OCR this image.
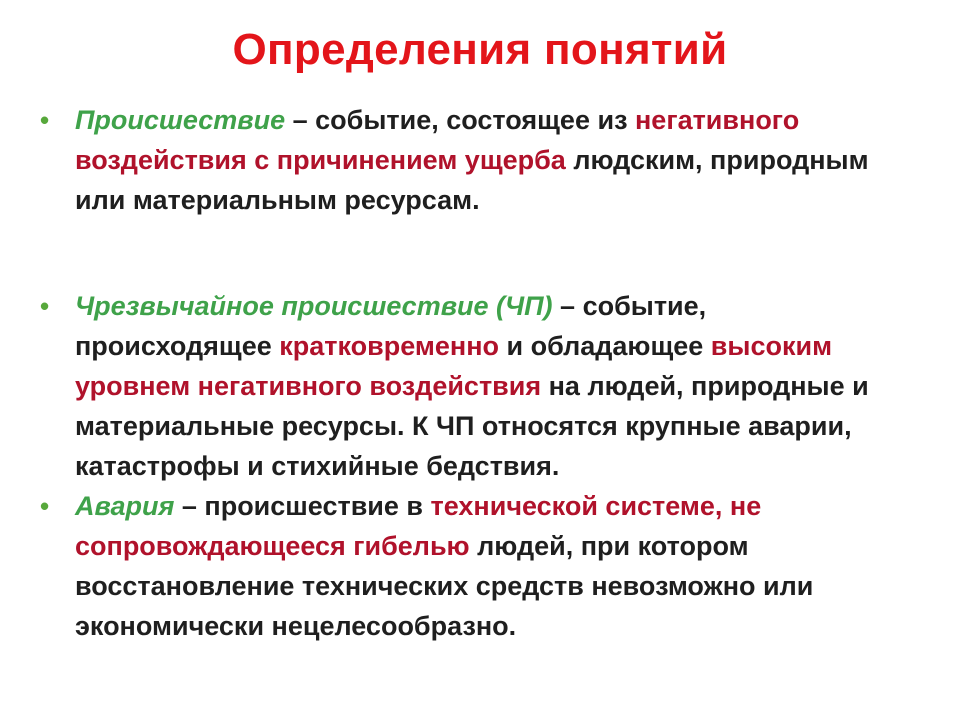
Определения понятий
• Происшествие – событие, состоящее из негативного воздействия с причинением ущерба людским, природным или материальным ресурсам.
• Чрезвычайное происшествие (ЧП) – событие, происходящее кратковременно и обладающее высоким уровнем негативного воздействия на людей, природные и материальные ресурсы. К ЧП относятся крупные аварии, катастрофы и стихийные бедствия.
• Авария – происшествие в технической системе, не сопровождающееся гибелью людей, при котором восстановление технических средств невозможно или экономически нецелесообразно.
